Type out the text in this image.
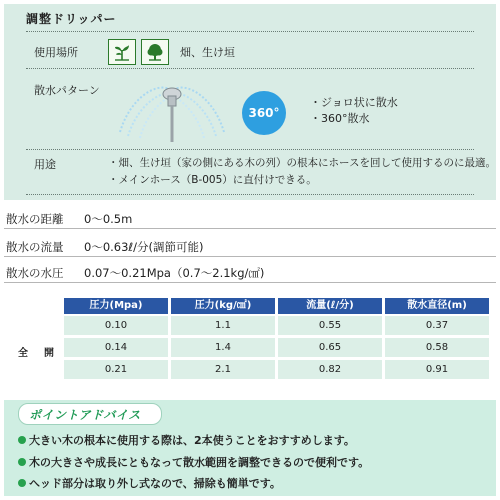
調整ドリッパー
使用場所	畑、生け垣
散水パターン
360°
・ジョロ状に散水
・360°散水
用途	・畑、生け垣（家の側にある木の列）の根本にホースを回して使用するのに最適。
・メインホース（B-005）に直付けできる。
散水の距離 0～0.5m
散水の流量 0～0.63ℓ/分(調節可能)
散水の水圧 0.07～0.21Mpa（0.7～2.1kg/㎠)
圧力(Mpa)	圧力(kg/㎠)	流量(ℓ/分)	散水直径(m)
0.10	1.1	0.55	0.37
0.14	1.4	0.65	0.58
0.21	2.1	0.82	0.91
全　開
ポイントアドバイス
大きい木の根本に使用する際は、2本使うことをおすすめします。
木の大きさや成長にともなって散水範囲を調整できるので便利です。
ヘッド部分は取り外し式なので、掃除も簡単です。
